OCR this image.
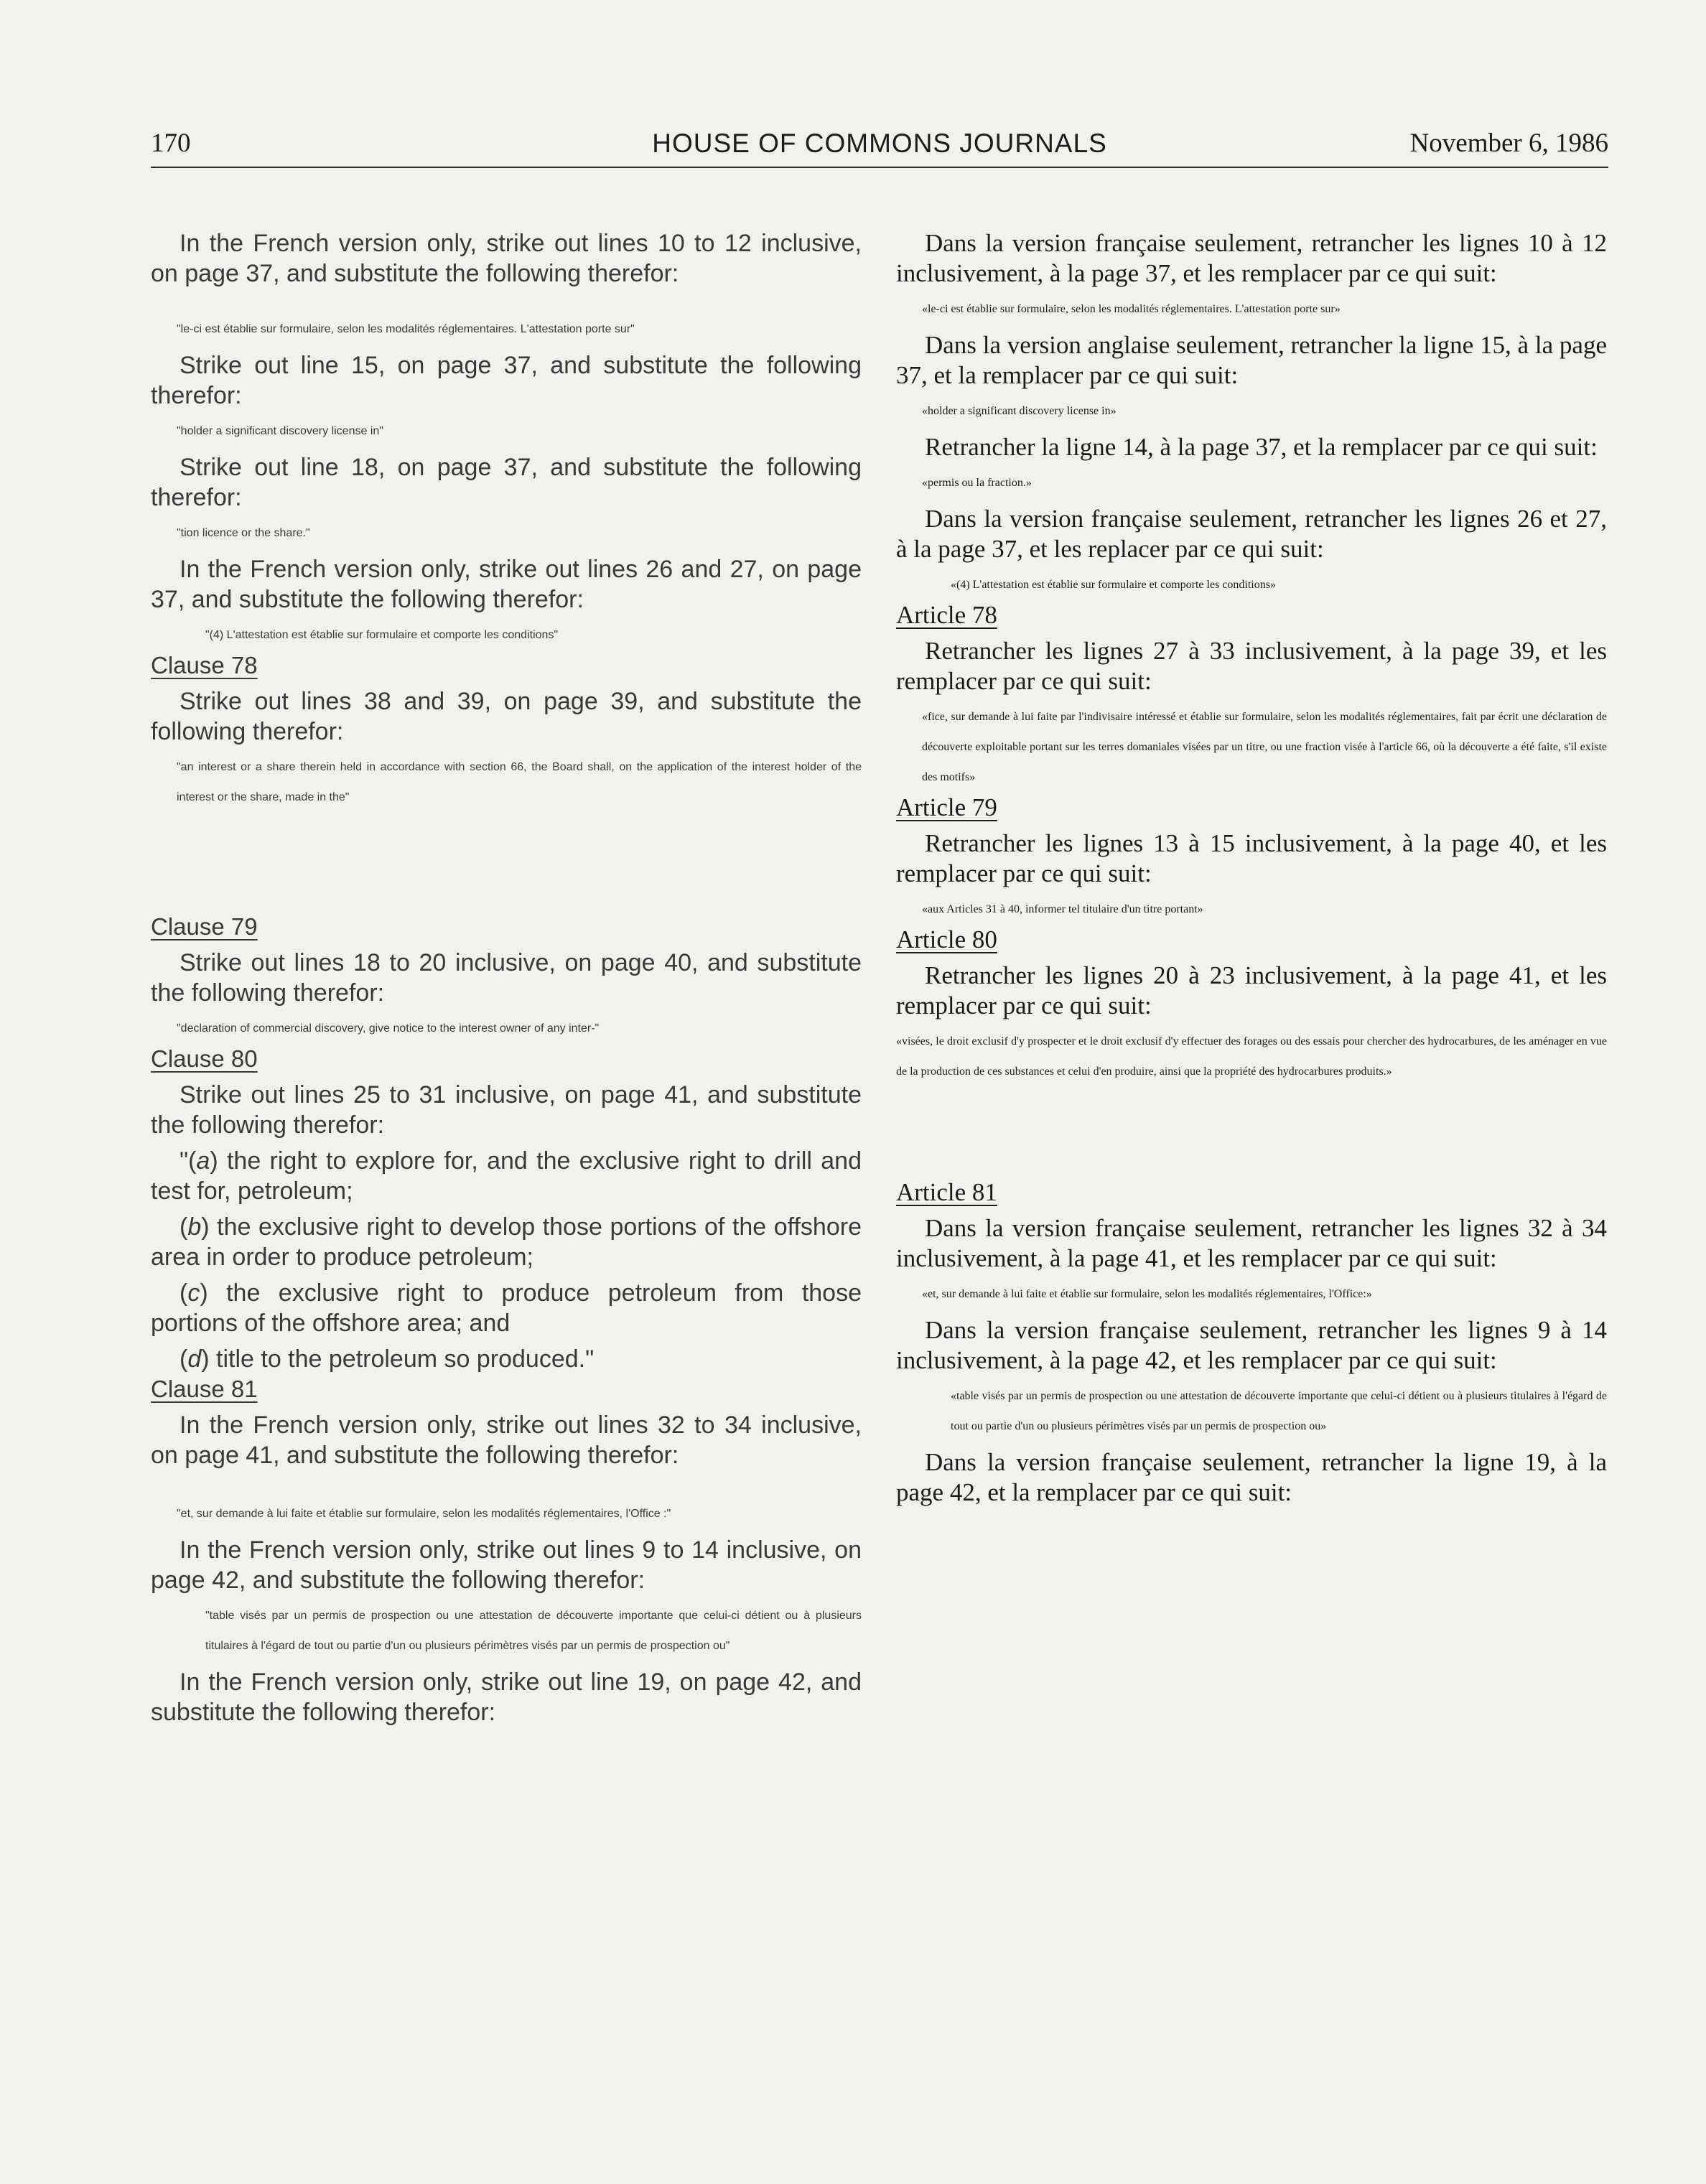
170	HOUSE OF COMMONS JOURNALS	November 6, 1986

In the French version only, strike out lines 10 to 12 inclusive, on page 37, and substitute the following therefor:

"le-ci est établie sur formulaire, selon les modalités réglementaires. L'attestation porte sur"

Strike out line 15, on page 37, and substitute the following therefor:

"holder a significant discovery license in"

Strike out line 18, on page 37, and substitute the following therefor:

"tion licence or the share."

In the French version only, strike out lines 26 and 27, on page 37, and substitute the following therefor:

"(4) L'attestation est établie sur formulaire et comporte les conditions"

Clause 78

Strike out lines 38 and 39, on page 39, and substitute the following therefor:

"an interest or a share therein held in accordance with section 66, the Board shall, on the application of the interest holder of the interest or the share, made in the"

Clause 79

Strike out lines 18 to 20 inclusive, on page 40, and substitute the following therefor:

"declaration of commercial discovery, give notice to the interest owner of any inter-"

Clause 80

Strike out lines 25 to 31 inclusive, on page 41, and substitute the following therefor:

"(a) the right to explore for, and the exclusive right to drill and test for, petroleum;

(b) the exclusive right to develop those portions of the offshore area in order to produce petroleum;

(c) the exclusive right to produce petroleum from those portions of the offshore area; and

(d) title to the petroleum so produced."

Clause 81

In the French version only, strike out lines 32 to 34 inclusive, on page 41, and substitute the following therefor:

"et, sur demande à lui faite et établie sur formulaire, selon les modalités réglementaires, l'Office :"

In the French version only, strike out lines 9 to 14 inclusive, on page 42, and substitute the following therefor:

"table visés par un permis de prospection ou une attestation de découverte importante que celui-ci détient ou à plusieurs titulaires à l'égard de tout ou partie d'un ou plusieurs périmètres visés par un permis de prospection ou"

In the French version only, strike out line 19, on page 42, and substitute the following therefor:

Dans la version française seulement, retrancher les lignes 10 à 12 inclusivement, à la page 37, et les remplacer par ce qui suit:

«le-ci est établie sur formulaire, selon les modalités réglementaires. L'attestation porte sur»

Dans la version anglaise seulement, retrancher la ligne 15, à la page 37, et la remplacer par ce qui suit:

«holder a significant discovery license in»

Retrancher la ligne 14, à la page 37, et la remplacer par ce qui suit:

«permis ou la fraction.»

Dans la version française seulement, retrancher les lignes 26 et 27, à la page 37, et les replacer par ce qui suit:

«(4) L'attestation est établie sur formulaire et comporte les conditions»

Article 78

Retrancher les lignes 27 à 33 inclusivement, à la page 39, et les remplacer par ce qui suit:

«fice, sur demande à lui faite par l'indivisaire intéressé et établie sur formulaire, selon les modalités réglementaires, fait par écrit une déclaration de découverte exploitable portant sur les terres domaniales visées par un titre, ou une fraction visée à l'article 66, où la découverte a été faite, s'il existe des motifs»

Article 79

Retrancher les lignes 13 à 15 inclusivement, à la page 40, et les remplacer par ce qui suit:

«aux Articles 31 à 40, informer tel titulaire d'un titre portant»

Article 80

Retrancher les lignes 20 à 23 inclusivement, à la page 41, et les remplacer par ce qui suit:

«visées, le droit exclusif d'y prospecter et le droit exclusif d'y effectuer des forages ou des essais pour chercher des hydrocarbures, de les aménager en vue de la production de ces substances et celui d'en produire, ainsi que la propriété des hydrocarbures produits.»

Article 81

Dans la version française seulement, retrancher les lignes 32 à 34 inclusivement, à la page 41, et les remplacer par ce qui suit:

«et, sur demande à lui faite et établie sur formulaire, selon les modalités réglementaires, l'Office:»

Dans la version française seulement, retrancher les lignes 9 à 14 inclusivement, à la page 42, et les remplacer par ce qui suit:

«table visés par un permis de prospection ou une attestation de découverte importante que celui-ci détient ou à plusieurs titulaires à l'égard de tout ou partie d'un ou plusieurs périmètres visés par un permis de prospection ou»

Dans la version française seulement, retrancher la ligne 19, à la page 42, et la remplacer par ce qui suit:
